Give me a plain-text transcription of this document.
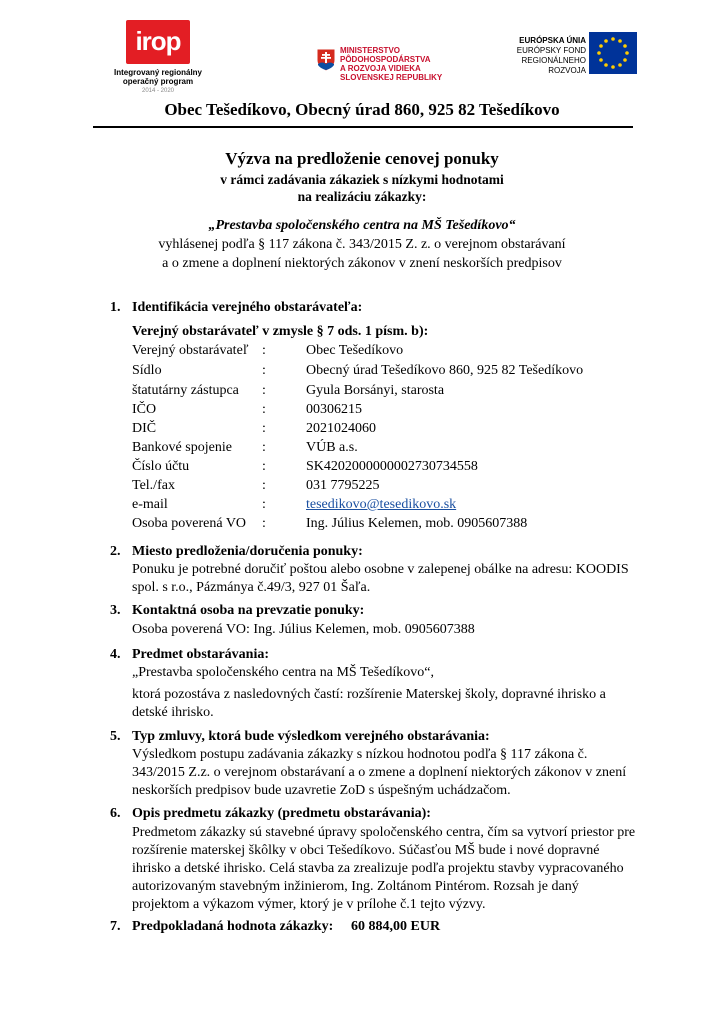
irop
Integrovaný regionálny
operačný program
2014 - 2020
MINISTERSTVO
PÔDOHOSPODÁRSTVA
A ROZVOJA VIDIEKA
SLOVENSKEJ REPUBLIKY
EURÓPSKA ÚNIA
EURÓPSKY FOND
REGIONÁLNEHO ROZVOJA
Obec Tešedíkovo, Obecný úrad 860, 925 82 Tešedíkovo
Výzva na predloženie cenovej ponuky
v rámci zadávania zákaziek s nízkymi hodnotami
na realizáciu zákazky:
„Prestavba spoločenského centra na MŠ Tešedíkovo“
vyhlásenej podľa § 117 zákona č. 343/2015 Z. z. o verejnom obstarávaní
a o zmene a doplnení niektorých zákonov v znení neskorších predpisov
1. Identifikácia verejného obstarávateľa:
Verejný obstarávateľ v zmysle § 7 ods. 1 písm. b):
Verejný obstarávateľ :	Obec Tešedíkovo
Sídlo	:	Obecný úrad Tešedíkovo 860, 925 82 Tešedíkovo
štatutárny zástupca :	Gyula Borsányi, starosta
IČO	:	00306215
DIČ	:	2021024060
Bankové spojenie :	VÚB a.s.
Číslo účtu	:	SK4202000000002730734558
Tel./fax	:	031 7795225
e-mail	:	tesedikovo@tesedikovo.sk
Osoba poverená VO :	Ing. Július Kelemen, mob. 0905607388
2. Miesto predloženia/doručenia ponuky:
Ponuku je potrebné doručiť poštou alebo osobne v zalepenej obálke na adresu: KOODIS
spol. s r.o., Pázmánya č.49/3, 927 01 Šaľa.
3. Kontaktná osoba na prevzatie ponuky:
Osoba poverená VO: Ing. Július Kelemen, mob. 0905607388
4. Predmet obstarávania:
„Prestavba spoločenského centra na MŠ Tešedíkovo“,
ktorá pozostáva z nasledovných častí: rozšírenie Materskej školy, dopravné ihrisko a
detské ihrisko.
5. Typ zmluvy, ktorá bude výsledkom verejného obstarávania:
Výsledkom postupu zadávania zákazky s nízkou hodnotou podľa § 117 zákona č.
343/2015 Z.z. o verejnom obstarávaní a o zmene a doplnení niektorých zákonov v znení
neskorších predpisov bude uzavretie ZoD s úspešným uchádzačom.
6. Opis predmetu zákazky (predmetu obstarávania):
Predmetom zákazky sú stavebné úpravy spoločenského centra, čím sa vytvorí priestor pre
rozšírenie materskej škôlky v obci Tešedíkovo. Súčasťou MŠ bude i nové dopravné
ihrisko a detské ihrisko. Celá stavba za zrealizuje podľa projektu stavby vypracovaného
autorizovaným stavebným inžinierom, Ing. Zoltánom Pintérom. Rozsah je daný
projektom a výkazom výmer, ktorý je v prílohe č.1 tejto výzvy.
7. Predpokladaná hodnota zákazky: 60 884,00 EUR
